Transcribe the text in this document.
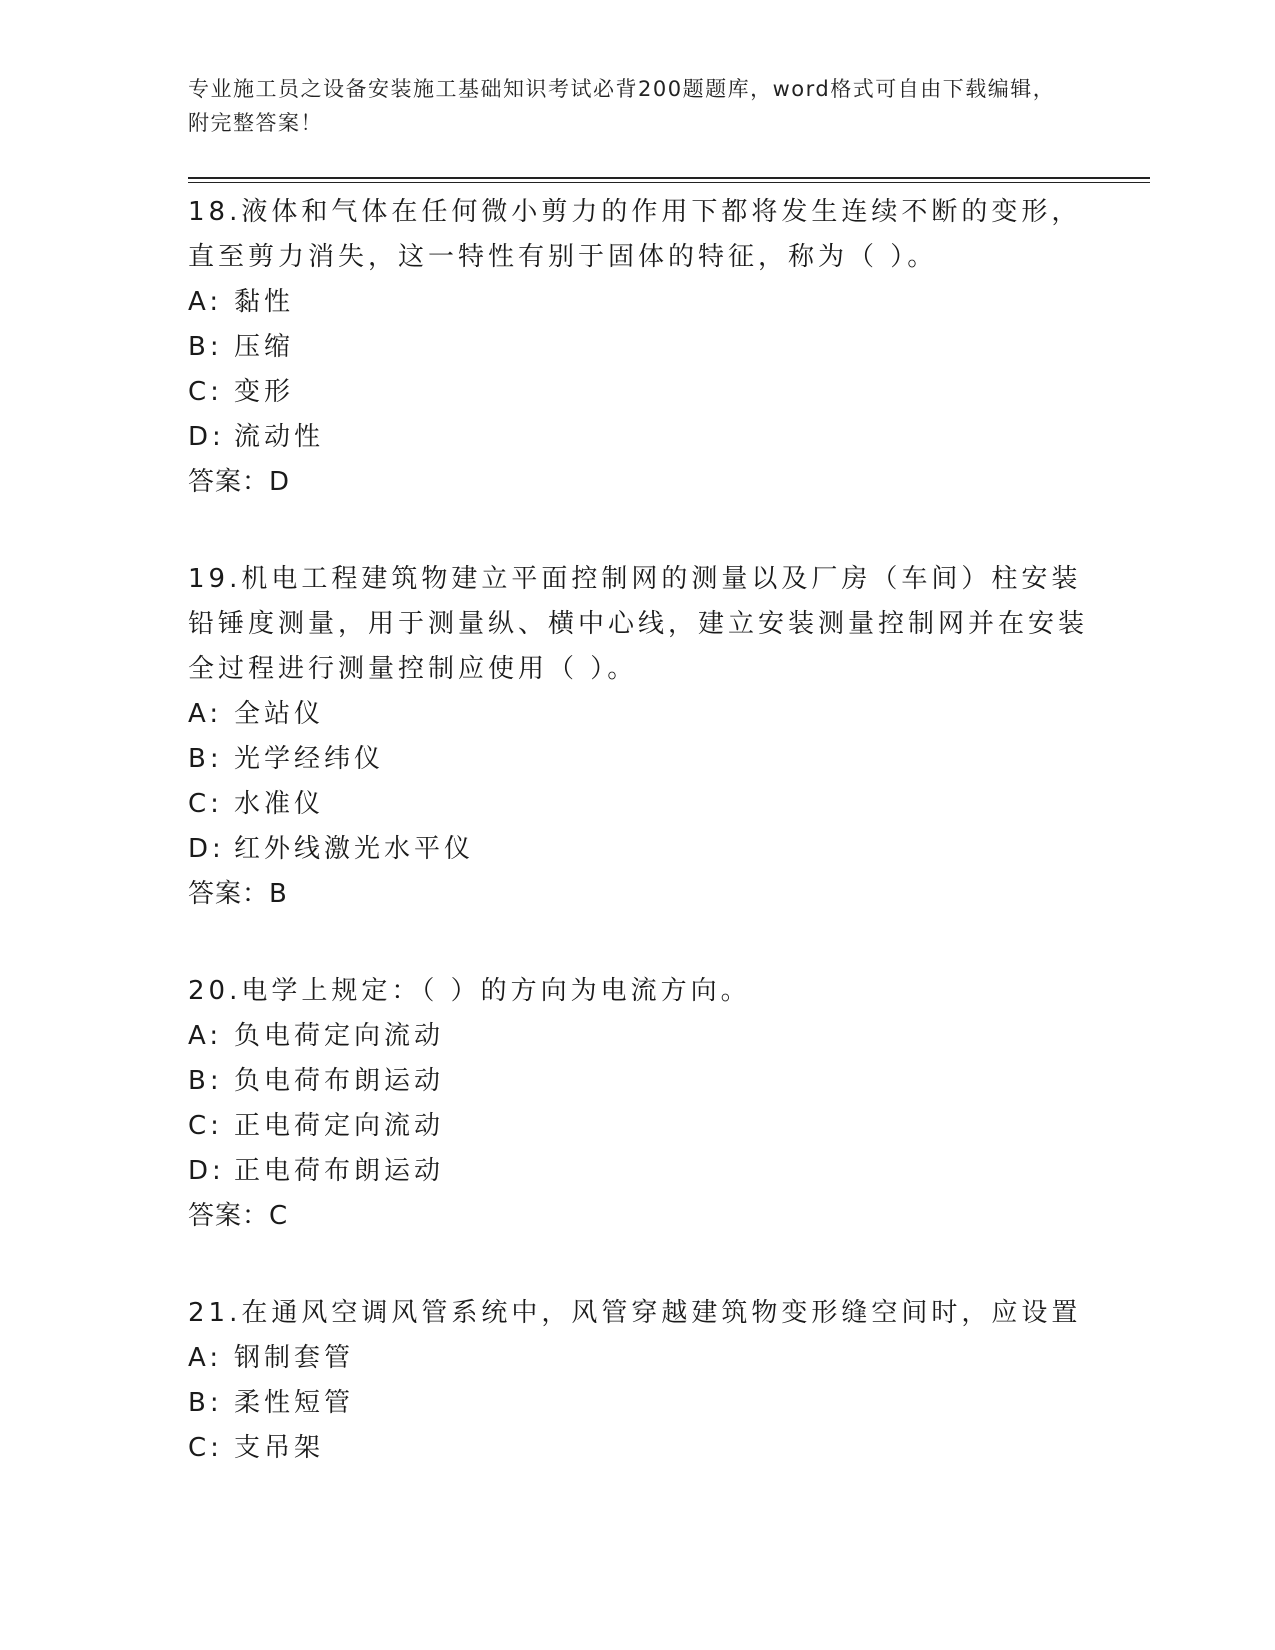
专业施工员之设备安装施工基础知识考试必背200题题库，word格式可自由下载编辑，附完整答案！

18.液体和气体在任何微小剪力的作用下都将发生连续不断的变形，直至剪力消失，这一特性有别于固体的特征，称为（ ）。

A: 黏性
B: 压缩
C: 变形
D: 流动性
答案：D

19.机电工程建筑物建立平面控制网的测量以及厂房（车间）柱安装铅锤度测量，用于测量纵、横中心线，建立安装测量控制网并在安装全过程进行测量控制应使用（ ）。

A: 全站仪
B: 光学经纬仪
C: 水准仪
D: 红外线激光水平仪
答案：B

20.电学上规定：（ ）的方向为电流方向。

A: 负电荷定向流动
B: 负电荷布朗运动
C: 正电荷定向流动
D: 正电荷布朗运动
答案：C

21.在通风空调风管系统中，风管穿越建筑物变形缝空间时，应设置

A: 钢制套管
B: 柔性短管
C: 支吊架
